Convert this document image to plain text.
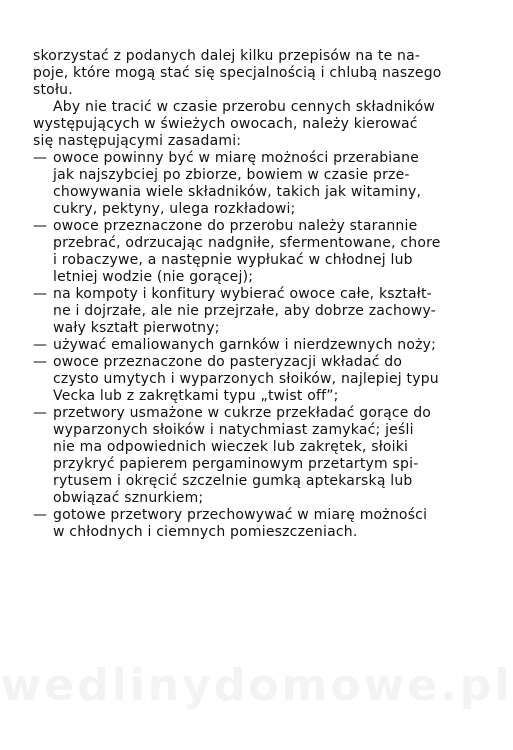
skorzystać z podanych dalej kilku przepisów na te na-
poje, które mogą stać się specjalnością i chlubą naszego
stołu.
Aby nie tracić w czasie przerobu cennych składników
występujących w świeżych owocach, należy kierować
się następującymi zasadami:
— owoce powinny być w miarę możności przerabiane
jak najszybciej po zbiorze, bowiem w czasie prze-
chowywania wiele składników, takich jak witaminy,
cukry, pektyny, ulega rozkładowi;
— owoce przeznaczone do przerobu należy starannie
przebrać, odrzucając nadgniłe, sfermentowane, chore
i robaczywe, a następnie wypłukać w chłodnej lub
letniej wodzie (nie gorącej);
— na kompoty i konfitury wybierać owoce całe, kształt-
ne i dojrzałe, ale nie przejrzałe, aby dobrze zachowy-
wały kształt pierwotny;
— używać emaliowanych garnków i nierdzewnych noży;
— owoce przeznaczone do pasteryzacji wkładać do
czysto umytych i wyparzonych słoików, najlepiej typu
Vecka lub z zakrętkami typu „twist off”;
— przetwory usmażone w cukrze przekładać gorące do
wyparzonych słoików i natychmiast zamykać; jeśli
nie ma odpowiednich wieczek lub zakrętek, słoiki
przykryć papierem pergaminowym przetartym spi-
rytusem i okręcić szczelnie gumką aptekarską lub
obwiązać sznurkiem;
— gotowe przetwory przechowywać w miarę możności
w chłodnych i ciemnych pomieszczeniach.
wedlinydomowe.pl
